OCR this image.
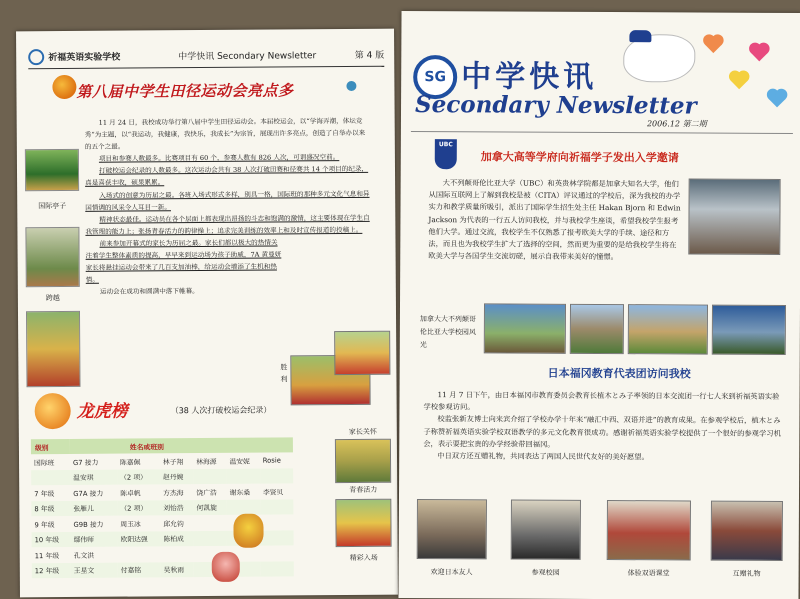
祈福英语实验学校	中学快讯 Secondary Newsletter	第 4 版
第八届中学生田径运动会亮点多
国际亭子
跨越

11 月 24 日，我校成功举行第八届中学生田径运动会。本届校运会，以“学海弄潮，体坛竞秀”为主题，以“我运动，我健康，我快乐，我成长”为宗旨，展现出许多亮点，创造了自举办以来的五个之最。

项目和参赛人数最多。比赛项目有 60 个，参赛人数有 826 人次，可谓盛况空前。

打破校运会纪录的人数最多。这次运动会共有 38 人次打破田赛和径赛共 14 个项目的纪录，真是喜获丰收，硕果累累。

入场式的创意为历届之最。各班入场式形式多样，别具一格，国际班的那种多元文化气息和异国情调的风采令人耳目一新。

精神状态最佳。运动员在各个层面上都表现出昂扬的斗志和饱满的激情，这主要体现在学生自我管理的能力上；张扬青春活力的韵律操上；追求完美训练的效率上和及时宣传报道的投稿上。

前来参加开幕式的家长为历届之最。家长们都以极大的热情关注着学生整体素质的提高，早早来到运动场为孩子助威，7A 黄曼妍家长将悬挂运动会带来了几百支加油棒，给运动会增添了生机和热情。

运动会在成功和圆满中落下帷幕。

胜利
龙虎榜	（38 人次打破校运会纪录）
级别	姓名或班别					
国际班	G7 接力	陈嘉佩	林子翔	林海源	温安妮	Rosie
	温安琪	（2 项）	赵丹婉			
7 年级	G7A 接力	陈卓帆	方杰海	饶广浩	谢东桑	李贤贝
8 年级	张雁儿	（2 项）	刘怡浩	何凯旋		
9 年级	G9B 接力	周玉冰	邱允钧			
10 年级	鄢伟师	欧阳达强	陈柏成			
11 年级	孔文洪					
12 年级	王星文	付嘉铭	吴秋雨			
家长关怀
青春活力
精彩入场
SG 中学快讯
Secondary Newsletter
2006.12 第二期
UBC
加拿大高等学府向祈福学子发出入学邀请

大不列颠哥伦比亚大学（UBC）和英贵林学院都是加拿大知名大学，他们从国际互联网上了解到我校是被（CITA）评议通过的学校后，深为我校的办学实力和教学质量所吸引，派出了国际学生招生处主任 Hakan Bjorn 和 Edwin Jackson 为代表的一行五人访问我校，并与我校学生座谈，希望我校学生报考他们大学。通过交流，我校学生不仅熟悉了报考欧美大学的手续、途径和方法，而且也为我校学生扩大了选择的空间，然而更为重要的是给我校学生将在欧美大学与各国学生交流切磋，展示自我带来美好的憧憬。

加拿大大不列颠哥伦比亚大学校园风光
日本福冈教育代表团访问我校

11 月 7 日下午，由日本福冈市教育委员会教育长植木とみ子率领的日本交流团一行七人来到祈福英语实验学校参观访问。

校监张新友博士向来宾介绍了学校办学十年来“融汇中西、双语并进”的教育成果。在参观学校后，植木とみ子称赞祈福英语实验学校双语教学的多元文化教育很成功。感谢祈福英语实验学校提供了一个很好的参观学习机会，表示要把宝贵的办学经验带回福冈。

中日双方还互赠礼物，共同表达了两国人民世代友好的美好愿望。

欢迎日本友人	参观校园	体验双语课堂	互赠礼物
